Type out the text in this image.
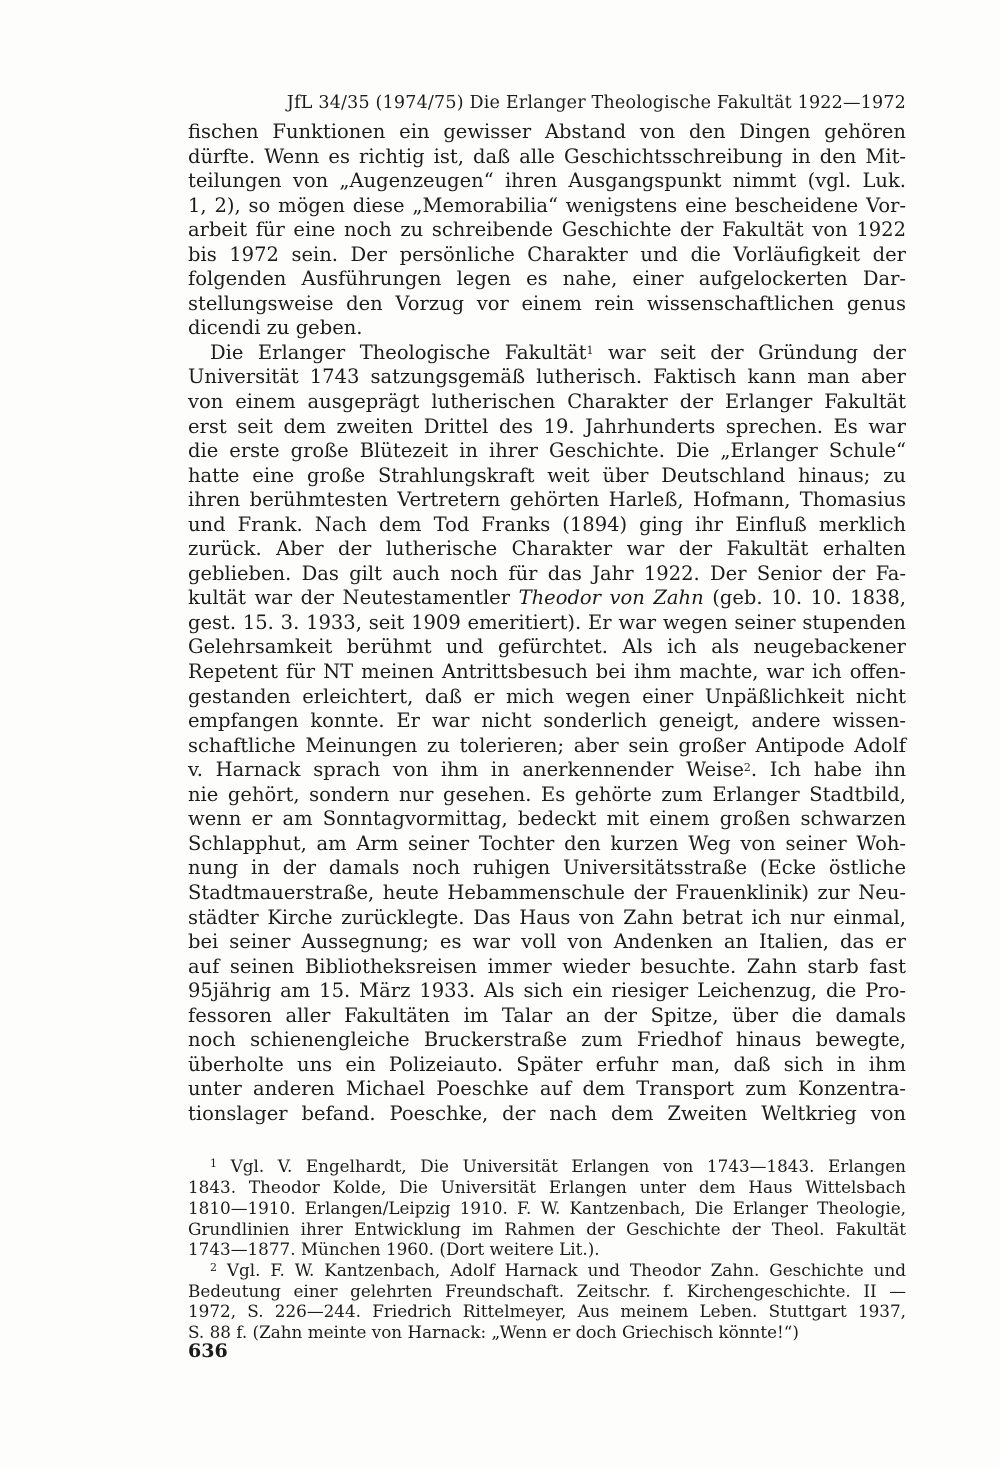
JfL 34/35 (1974/75) Die Erlanger Theologische Fakultät 1922—1972

fischen Funktionen ein gewisser Abstand von den Dingen gehören
dürfte. Wenn es richtig ist, daß alle Geschichtsschreibung in den Mit-
teilungen von „Augenzeugen“ ihren Ausgangspunkt nimmt (vgl. Luk.
1, 2), so mögen diese „Memorabilia“ wenigstens eine bescheidene Vor-
arbeit für eine noch zu schreibende Geschichte der Fakultät von 1922
bis 1972 sein. Der persönliche Charakter und die Vorläufigkeit der
folgenden Ausführungen legen es nahe, einer aufgelockerten Dar-
stellungsweise den Vorzug vor einem rein wissenschaftlichen genus
dicendi zu geben.

Die Erlanger Theologische Fakultät$^1$ war seit der Gründung der
Universität 1743 satzungsgemäß lutherisch. Faktisch kann man aber
von einem ausgeprägt lutherischen Charakter der Erlanger Fakultät
erst seit dem zweiten Drittel des 19. Jahrhunderts sprechen. Es war
die erste große Blütezeit in ihrer Geschichte. Die „Erlanger Schule“
hatte eine große Strahlungskraft weit über Deutschland hinaus; zu
ihren berühmtesten Vertretern gehörten Harleß, Hofmann, Thomasius
und Frank. Nach dem Tod Franks (1894) ging ihr Einfluß merklich
zurück. Aber der lutherische Charakter war der Fakultät erhalten
geblieben. Das gilt auch noch für das Jahr 1922. Der Senior der Fa-
kultät war der Neutestamentler Theodor von Zahn (geb. 10. 10. 1838,
gest. 15. 3. 1933, seit 1909 emeritiert). Er war wegen seiner stupenden
Gelehrsamkeit berühmt und gefürchtet. Als ich als neugebackener
Repetent für NT meinen Antrittsbesuch bei ihm machte, war ich offen-
gestanden erleichtert, daß er mich wegen einer Unpäßlichkeit nicht
empfangen konnte. Er war nicht sonderlich geneigt, andere wissen-
schaftliche Meinungen zu tolerieren; aber sein großer Antipode Adolf
v. Harnack sprach von ihm in anerkennender Weise$^2$. Ich habe ihn
nie gehört, sondern nur gesehen. Es gehörte zum Erlanger Stadtbild,
wenn er am Sonntagvormittag, bedeckt mit einem großen schwarzen
Schlapphut, am Arm seiner Tochter den kurzen Weg von seiner Woh-
nung in der damals noch ruhigen Universitätsstraße (Ecke östliche
Stadtmauerstraße, heute Hebammenschule der Frauenklinik) zur Neu-
städter Kirche zurücklegte. Das Haus von Zahn betrat ich nur einmal,
bei seiner Aussegnung; es war voll von Andenken an Italien, das er
auf seinen Bibliotheksreisen immer wieder besuchte. Zahn starb fast
95jährig am 15. März 1933. Als sich ein riesiger Leichenzug, die Pro-
fessoren aller Fakultäten im Talar an der Spitze, über die damals
noch schienengleiche Bruckerstraße zum Friedhof hinaus bewegte,
überholte uns ein Polizeiauto. Später erfuhr man, daß sich in ihm
unter anderen Michael Poeschke auf dem Transport zum Konzentra-
tionslager befand. Poeschke, der nach dem Zweiten Weltkrieg von

$^1$ Vgl. V. Engelhardt, Die Universität Erlangen von 1743—1843. Erlangen
1843. Theodor Kolde, Die Universität Erlangen unter dem Haus Wittelsbach
1810—1910. Erlangen/Leipzig 1910. F. W. Kantzenbach, Die Erlanger Theologie,
Grundlinien ihrer Entwicklung im Rahmen der Geschichte der Theol. Fakultät
1743—1877. München 1960. (Dort weitere Lit.).

$^2$ Vgl. F. W. Kantzenbach, Adolf Harnack und Theodor Zahn. Geschichte und
Bedeutung einer gelehrten Freundschaft. Zeitschr. f. Kirchengeschichte. II —
1972, S. 226—244. Friedrich Rittelmeyer, Aus meinem Leben. Stuttgart 1937,
S. 88 f. (Zahn meinte von Harnack: „Wenn er doch Griechisch könnte!“)

636
